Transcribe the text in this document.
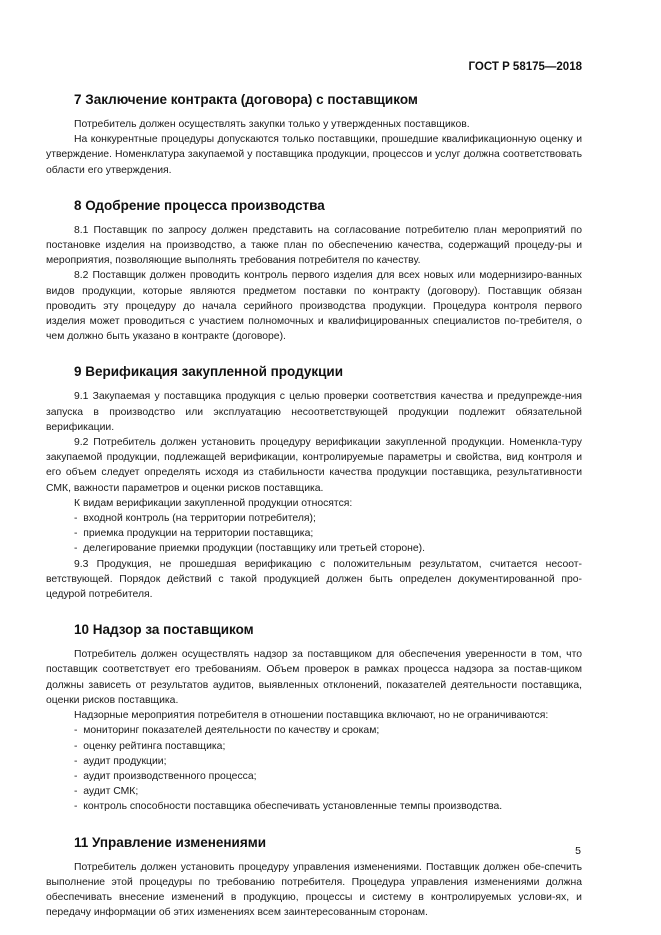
ГОСТ Р 58175—2018
7 Заключение контракта (договора) с поставщиком

Потребитель должен осуществлять закупки только у утвержденных поставщиков.

На конкурентные процедуры допускаются только поставщики, прошедшие квалификационную оценку и утверждение. Номенклатура закупаемой у поставщика продукции, процессов и услуг должна соответствовать области его утверждения.

8 Одобрение процесса производства

8.1 Поставщик по запросу должен представить на согласование потребителю план мероприятий по постановке изделия на производство, а также план по обеспечению качества, содержащий процеду-ры и мероприятия, позволяющие выполнять требования потребителя по качеству.

8.2 Поставщик должен проводить контроль первого изделия для всех новых или модернизиро-ванных видов продукции, которые являются предметом поставки по контракту (договору). Поставщик обязан проводить эту процедуру до начала серийного производства продукции. Процедура контроля первого изделия может проводиться с участием полномочных и квалифицированных специалистов по-требителя, о чем должно быть указано в контракте (договоре).

9 Верификация закупленной продукции

9.1 Закупаемая у поставщика продукция с целью проверки соответствия качества и предупрежде-ния запуска в производство или эксплуатацию несоответствующей продукции подлежит обязательной верификации.

9.2 Потребитель должен установить процедуру верификации закупленной продукции. Номенкла-туру закупаемой продукции, подлежащей верификации, контролируемые параметры и свойства, вид контроля и его объем следует определять исходя из стабильности качества продукции поставщика, результативности СМК, важности параметров и оценки рисков поставщика.

К видам верификации закупленной продукции относятся:

-  входной контроль (на территории потребителя);

-  приемка продукции на территории поставщика;

-  делегирование приемки продукции (поставщику или третьей стороне).

9.3 Продукция, не прошедшая верификацию с положительным результатом, считается несоот-ветствующей. Порядок действий с такой продукцией должен быть определен документированной про-цедурой потребителя.

10 Надзор за поставщиком

Потребитель должен осуществлять надзор за поставщиком для обеспечения уверенности в том, что поставщик соответствует его требованиям. Объем проверок в рамках процесса надзора за постав-щиком должны зависеть от результатов аудитов, выявленных отклонений, показателей деятельности поставщика, оценки рисков поставщика.

Надзорные мероприятия потребителя в отношении поставщика включают, но не ограничиваются:

-  мониторинг показателей деятельности по качеству и срокам;

-  оценку рейтинга поставщика;

-  аудит продукции;

-  аудит производственного процесса;

-  аудит СМК;

-  контроль способности поставщика обеспечивать установленные темпы производства.

11 Управление изменениями

Потребитель должен установить процедуру управления изменениями. Поставщик должен обе-спечить выполнение этой процедуры по требованию потребителя. Процедура управления изменениями должна обеспечивать внесение изменений в продукцию, процессы и систему в контролируемых услови-ях, и передачу информации об этих изменениях всем заинтересованным сторонам.

5
